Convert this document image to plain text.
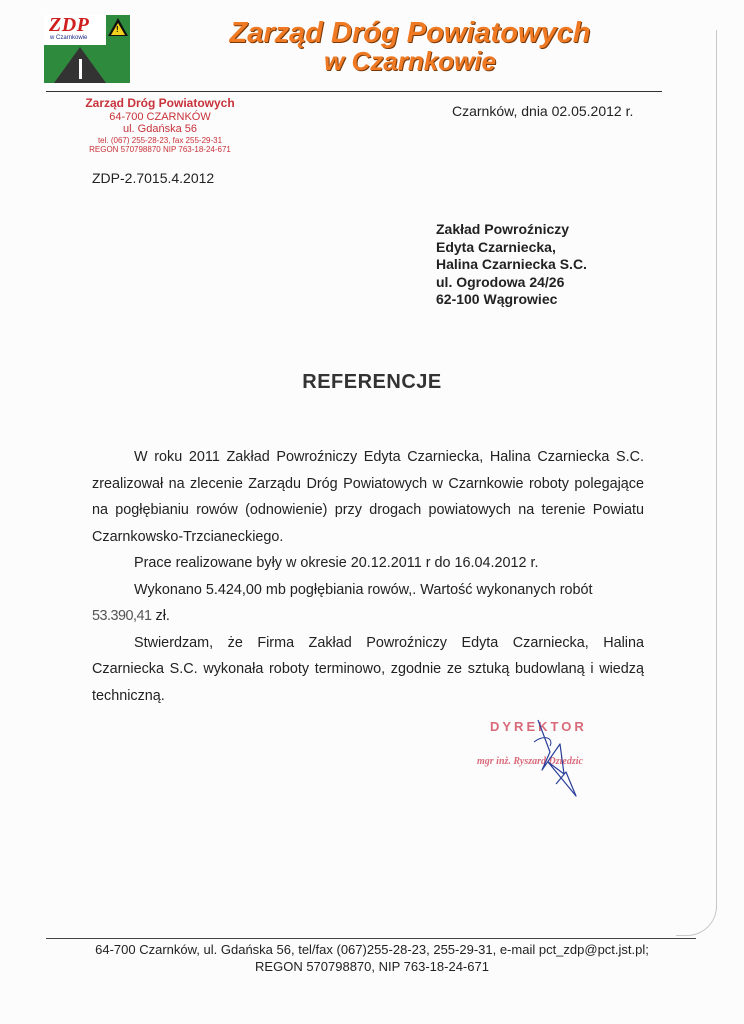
ZDP
w Czarnkowie
!	Zarząd Dróg Powiatowych
w Czarnkowie
Zarząd Dróg Powiatowych
64-700 CZARNKÓW
ul. Gdańska 56
tel. (067) 255-28-23, fax 255-29-31
REGON 570798870 NIP 763-18-24-671
ZDP-2.7015.4.2012
Czarnków, dnia 02.05.2012 r.
Zakład Powroźniczy
Edyta Czarniecka,
Halina Czarniecka S.C.
ul. Ogrodowa 24/26
62-100 Wągrowiec
REFERENCJE

W roku 2011 Zakład Powroźniczy Edyta Czarniecka, Halina Czarniecka S.C. zrealizował na zlecenie Zarządu Dróg Powiatowych w Czarnkowie roboty polegające na pogłębianiu rowów (odnowienie) przy drogach powiatowych na terenie Powiatu Czarnkowsko-Trzcianeckiego.

Prace realizowane były w okresie 20.12.2011 r do 16.04.2012 r.

Wykonano 5.424,00 mb pogłębiania rowów,. Wartość wykonanych robót

53.390,41 zł.

Stwierdzam, że Firma Zakład Powroźniczy Edyta Czarniecka, Halina Czarniecka S.C. wykonała roboty terminowo, zgodnie ze sztuką budowlaną i wiedzą techniczną.

DYREKTOR
mgr inż. Ryszard Dziedzic
64-700 Czarnków, ul. Gdańska 56, tel/fax (067)255-28-23, 255-29-31, e-mail pct_zdp@pct.jst.pl;
REGON 570798870, NIP 763-18-24-671
